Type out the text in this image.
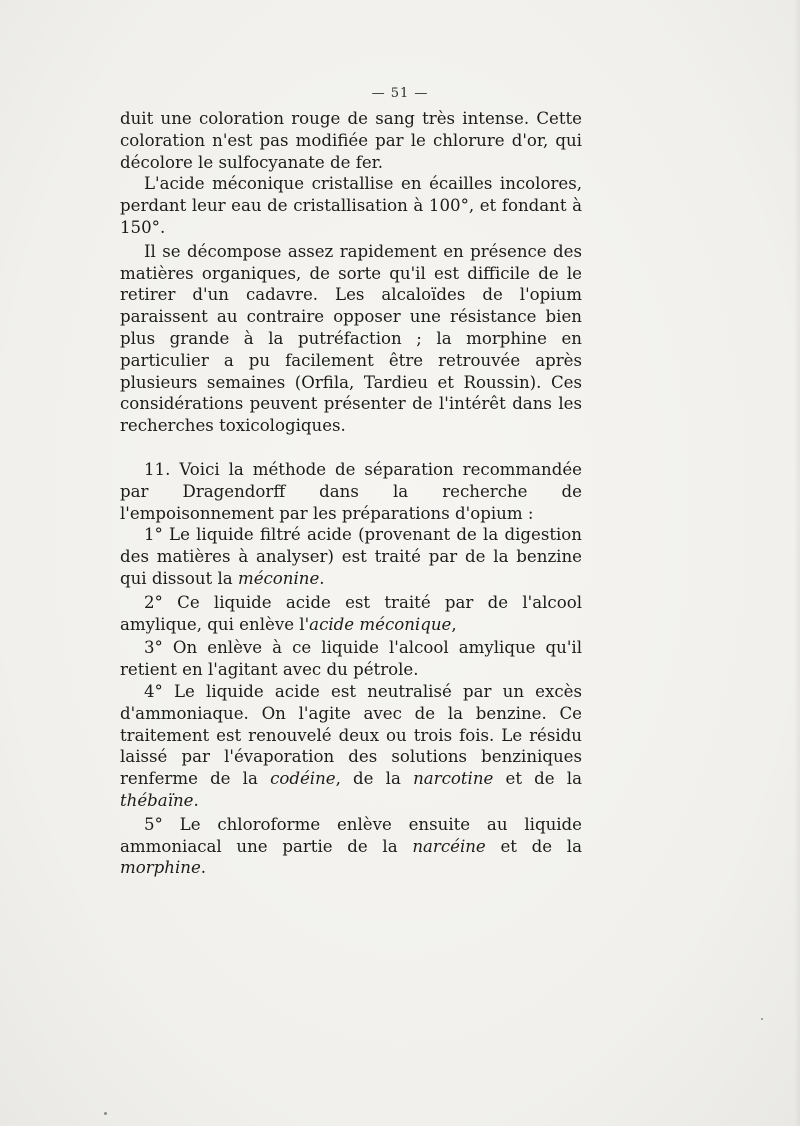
— 51 —

duit une coloration rouge de sang très intense. Cette coloration n'est pas modifiée par le chlorure d'or, qui décolore le sulfocyanate de fer.

L'acide méconique cristallise en écailles incolores, perdant leur eau de cristallisation à 100°, et fondant à 150°.

Il se décompose assez rapidement en présence des matières organiques, de sorte qu'il est difficile de le retirer d'un cadavre. Les alcaloïdes de l'opium paraissent au contraire opposer une résistance bien plus grande à la putréfaction ; la morphine en particulier a pu facilement être retrouvée après plusieurs semaines (Orfila, Tardieu et Roussin). Ces considérations peuvent présenter de l'intérêt dans les recherches toxicologiques.

11. Voici la méthode de séparation recommandée par Dragendorff dans la recherche de l'empoisonnement par les préparations d'opium :

1° Le liquide filtré acide (provenant de la digestion des matières à analyser) est traité par de la benzine qui dissout la méconine.

2° Ce liquide acide est traité par de l'alcool amylique, qui enlève l'acide méconique,

3° On enlève à ce liquide l'alcool amylique qu'il retient en l'agitant avec du pétrole.

4° Le liquide acide est neutralisé par un excès d'ammoniaque. On l'agite avec de la benzine. Ce traitement est renouvelé deux ou trois fois. Le résidu laissé par l'évaporation des solutions benziniques renferme de la codéine, de la narcotine et de la thébaïne.

5° Le chloroforme enlève ensuite au liquide ammoniacal une partie de la narcéine et de la morphine.
